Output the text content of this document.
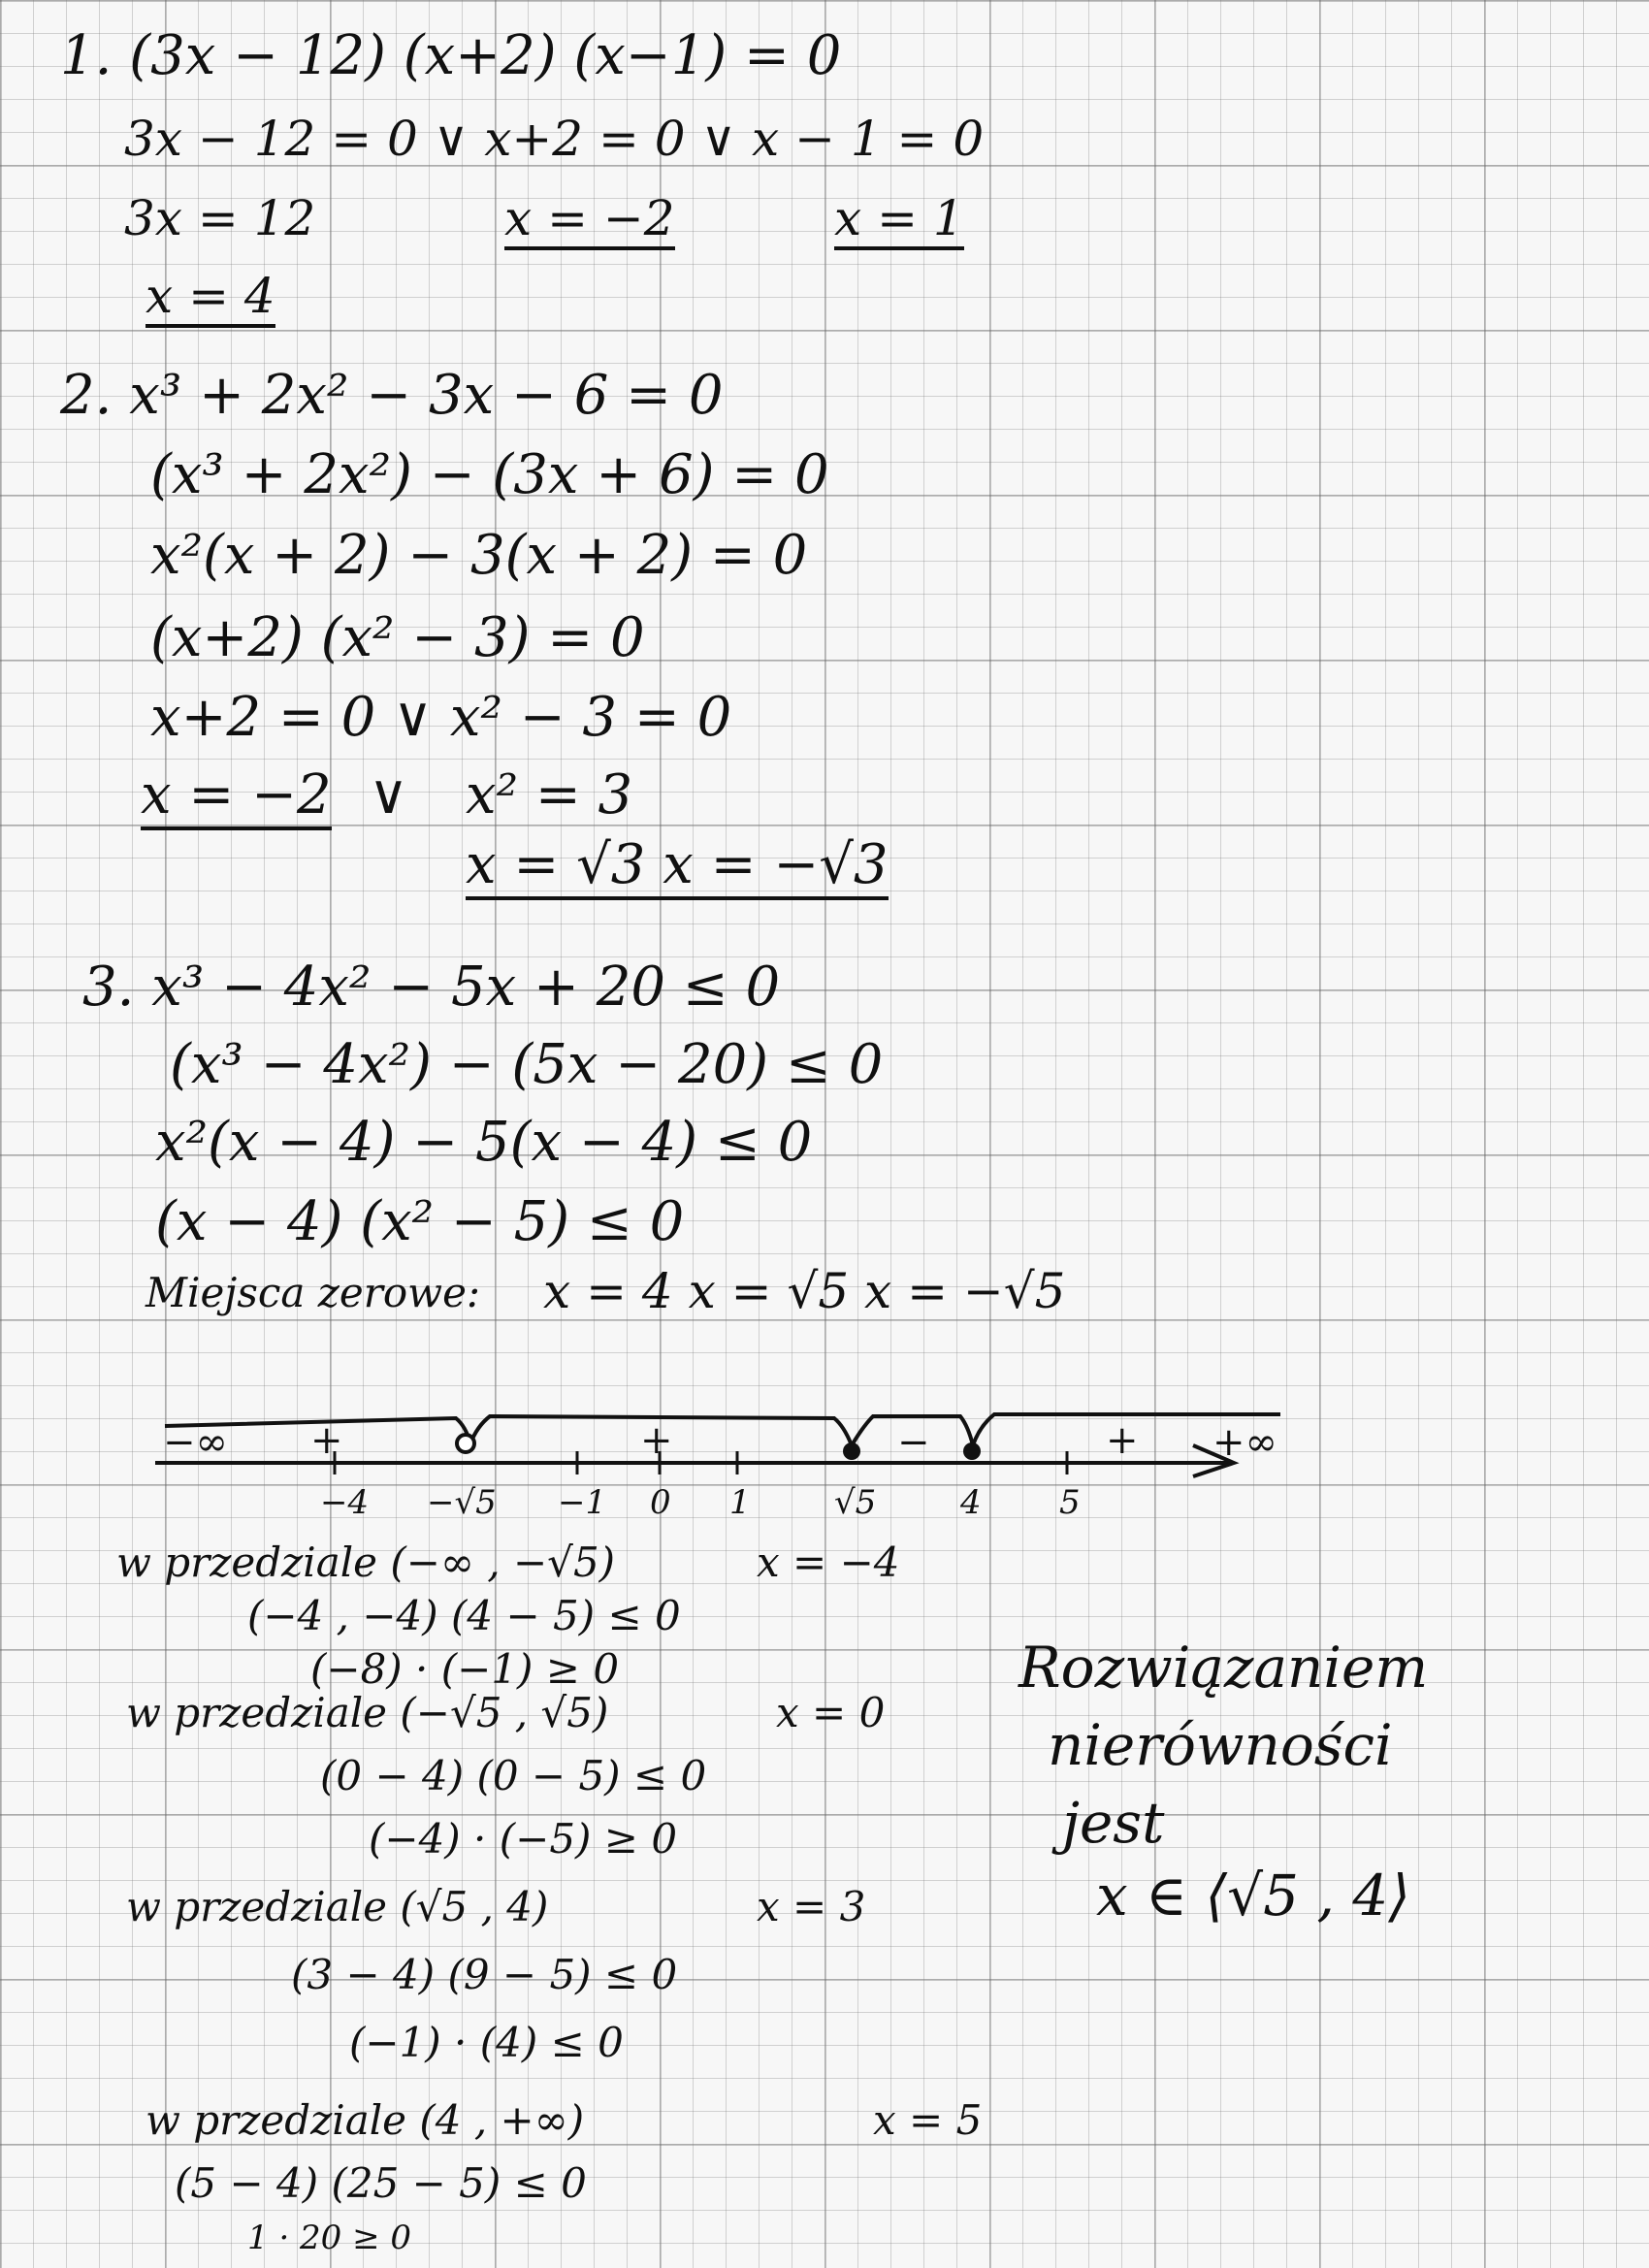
1. (3x − 12) (x+2) (x−1) = 0
3x − 12 = 0 ∨ x+2 = 0 ∨ x − 1 = 0
3x = 12	x = −2	x = 1
x = 4
2. x³ + 2x² − 3x − 6 = 0
(x³ + 2x²) − (3x + 6) = 0
x²(x + 2) − 3(x + 2) = 0
(x+2) (x² − 3) = 0
x+2 = 0 ∨ x² − 3 = 0
x = −2 ∨ x² = 3
x = √3 x = −√3
3. x³ − 4x² − 5x + 20 ≤ 0
(x³ − 4x²) − (5x − 20) ≤ 0
x²(x − 4) − 5(x − 4) ≤ 0
(x − 4) (x² − 5) ≤ 0
Miejsca zerowe: x = 4 x = √5 x = −√5
−4 −√5 −1 0 1	√5	4 5
−∞	+∞
+	+	−	+
w przedziale (−∞ , −√5)	x = −4
(−4 , −4) (4 − 5) ≤ 0
(−8) · (−1) ≥ 0
w przedziale (−√5 , √5)	x = 0
(0 − 4) (0 − 5) ≤ 0
(−4) · (−5) ≥ 0
w przedziale (√5 , 4)	x = 3
(3 − 4) (9 − 5) ≤ 0
(−1) · (4) ≤ 0
w przedziale (4 , +∞)	x = 5
(5 − 4) (25 − 5) ≤ 0
1 · 20 ≥ 0
Rozwiązaniem
nierówności
jest
x ∈ ⟨√5 , 4⟩
